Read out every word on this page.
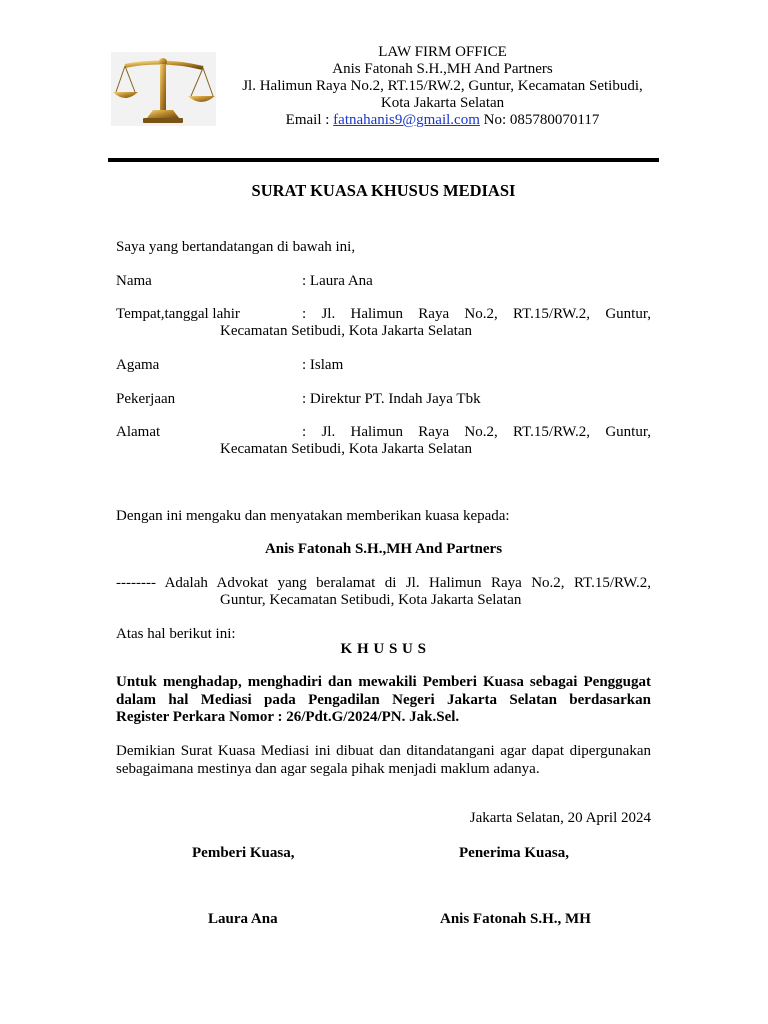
LAW FIRM OFFICE
Anis Fatonah S.H.,MH And Partners
Jl. Halimun Raya No.2, RT.15/RW.2, Guntur, Kecamatan Setibudi,
Kota Jakarta Selatan
Email : fatnahanis9@gmail.com No: 085780070117
SURAT KUASA KHUSUS MEDIASI
Saya yang bertandatangan di bawah ini,
Nama	: Laura Ana
Tempat,tanggal lahir	: Jl. Halimun Raya No.2, RT.15/RW.2, Guntur,
Kecamatan Setibudi, Kota Jakarta Selatan
Agama	: Islam
Pekerjaan	: Direktur PT. Indah Jaya Tbk
Alamat	: Jl. Halimun Raya No.2, RT.15/RW.2, Guntur,
Kecamatan Setibudi, Kota Jakarta Selatan
Dengan ini mengaku dan menyatakan memberikan kuasa kepada:
Anis Fatonah S.H.,MH And Partners
-------- Adalah Advokat yang beralamat di Jl. Halimun Raya No.2, RT.15/RW.2,
Guntur, Kecamatan Setibudi, Kota Jakarta Selatan
Atas hal berikut ini:
K H U S U S
Untuk menghadap, menghadiri dan mewakili Pemberi Kuasa sebagai Penggugat
dalam hal Mediasi pada Pengadilan Negeri Jakarta Selatan berdasarkan
Register Perkara Nomor : 26/Pdt.G/2024/PN. Jak.Sel.
Demikian Surat Kuasa Mediasi ini dibuat dan ditandatangani agar dapat dipergunakan
sebagaimana mestinya dan agar segala pihak menjadi maklum adanya.
Jakarta Selatan, 20 April 2024
Pemberi Kuasa,	Penerima Kuasa,
Laura Ana	Anis Fatonah S.H., MH
